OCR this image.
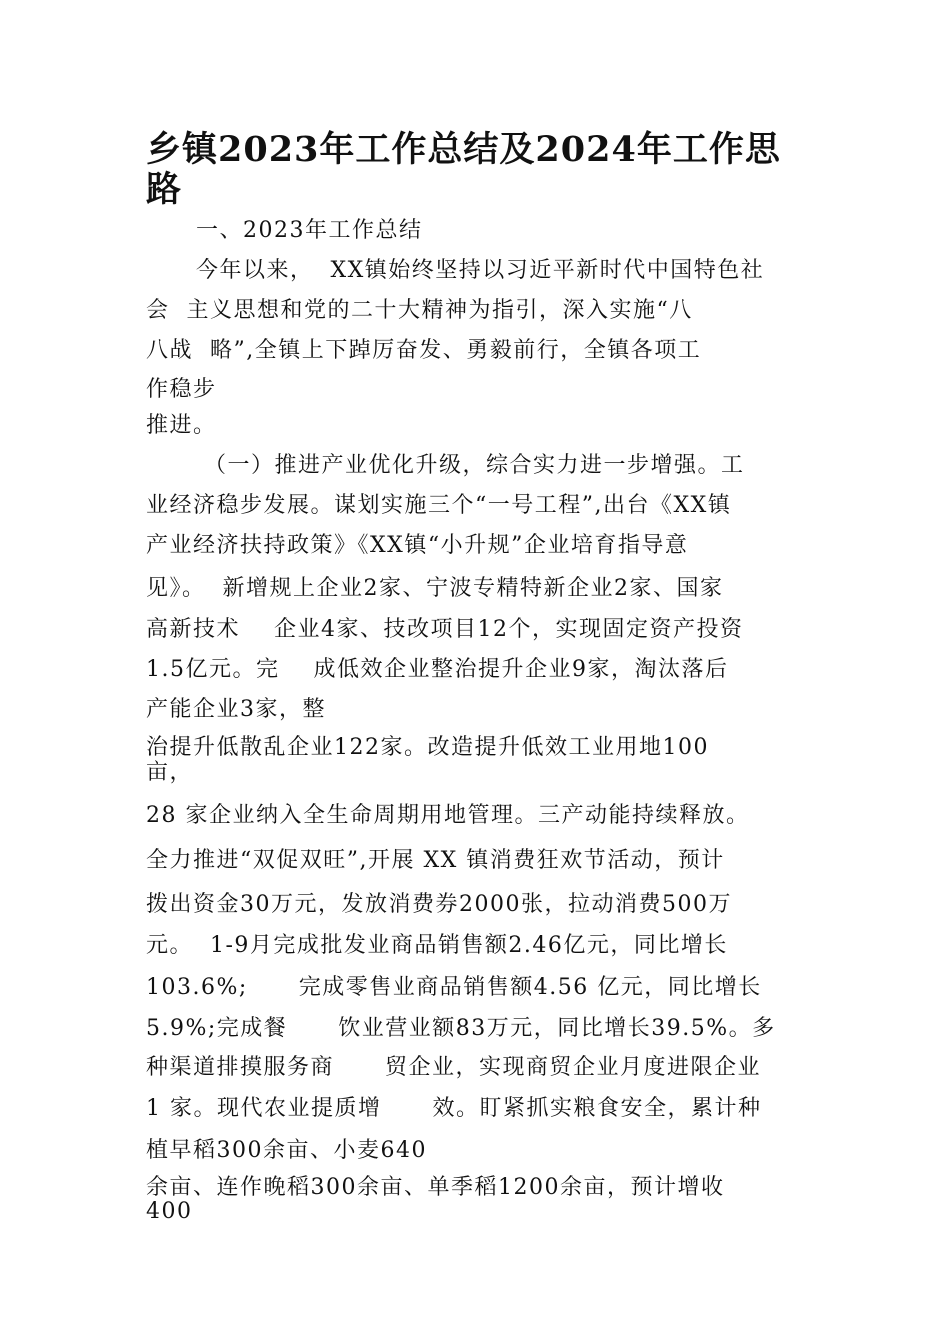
乡镇2023年工作总结及2024年工作思
路
一、2023年工作总结
今年以来，  XX镇始终坚持以习近平新时代中国特色社
会  主义思想和党的二十大精神为指引，深入实施“八
八战  略”,全镇上下踔厉奋发、勇毅前行，全镇各项工
作稳步
推进。
（一）推进产业优化升级，综合实力进一步增强。工
业经济稳步发展。谋划实施三个“一号工程”,出台《XX镇
产业经济扶持政策》《XX镇“小升规”企业培育指导意
见》。  新增规上企业2家、宁波专精特新企业2家、国家
高新技术    企业4家、技改项目12个，实现固定资产投资
1.5亿元。完    成低效企业整治提升企业9家，淘汰落后
产能企业3家，整
治提升低散乱企业122家。改造提升低效工业用地100
亩，
28 家企业纳入全生命周期用地管理。三产动能持续释放。
全力推进“双促双旺”,开展 XX 镇消费狂欢节活动，预计
拨出资金30万元，发放消费券2000张，拉动消费500万
元。  1-9月完成批发业商品销售额2.46亿元，同比增长
103.6%;      完成零售业商品销售额4.56 亿元，同比增长
5.9%;完成餐      饮业营业额83万元，同比增长39.5%。多
种渠道排摸服务商      贸企业，实现商贸企业月度进限企业
1 家。现代农业提质增      效。盯紧抓实粮食安全，累计种
植早稻300余亩、小麦640
余亩、连作晚稻300余亩、单季稻1200余亩，预计增收
400
